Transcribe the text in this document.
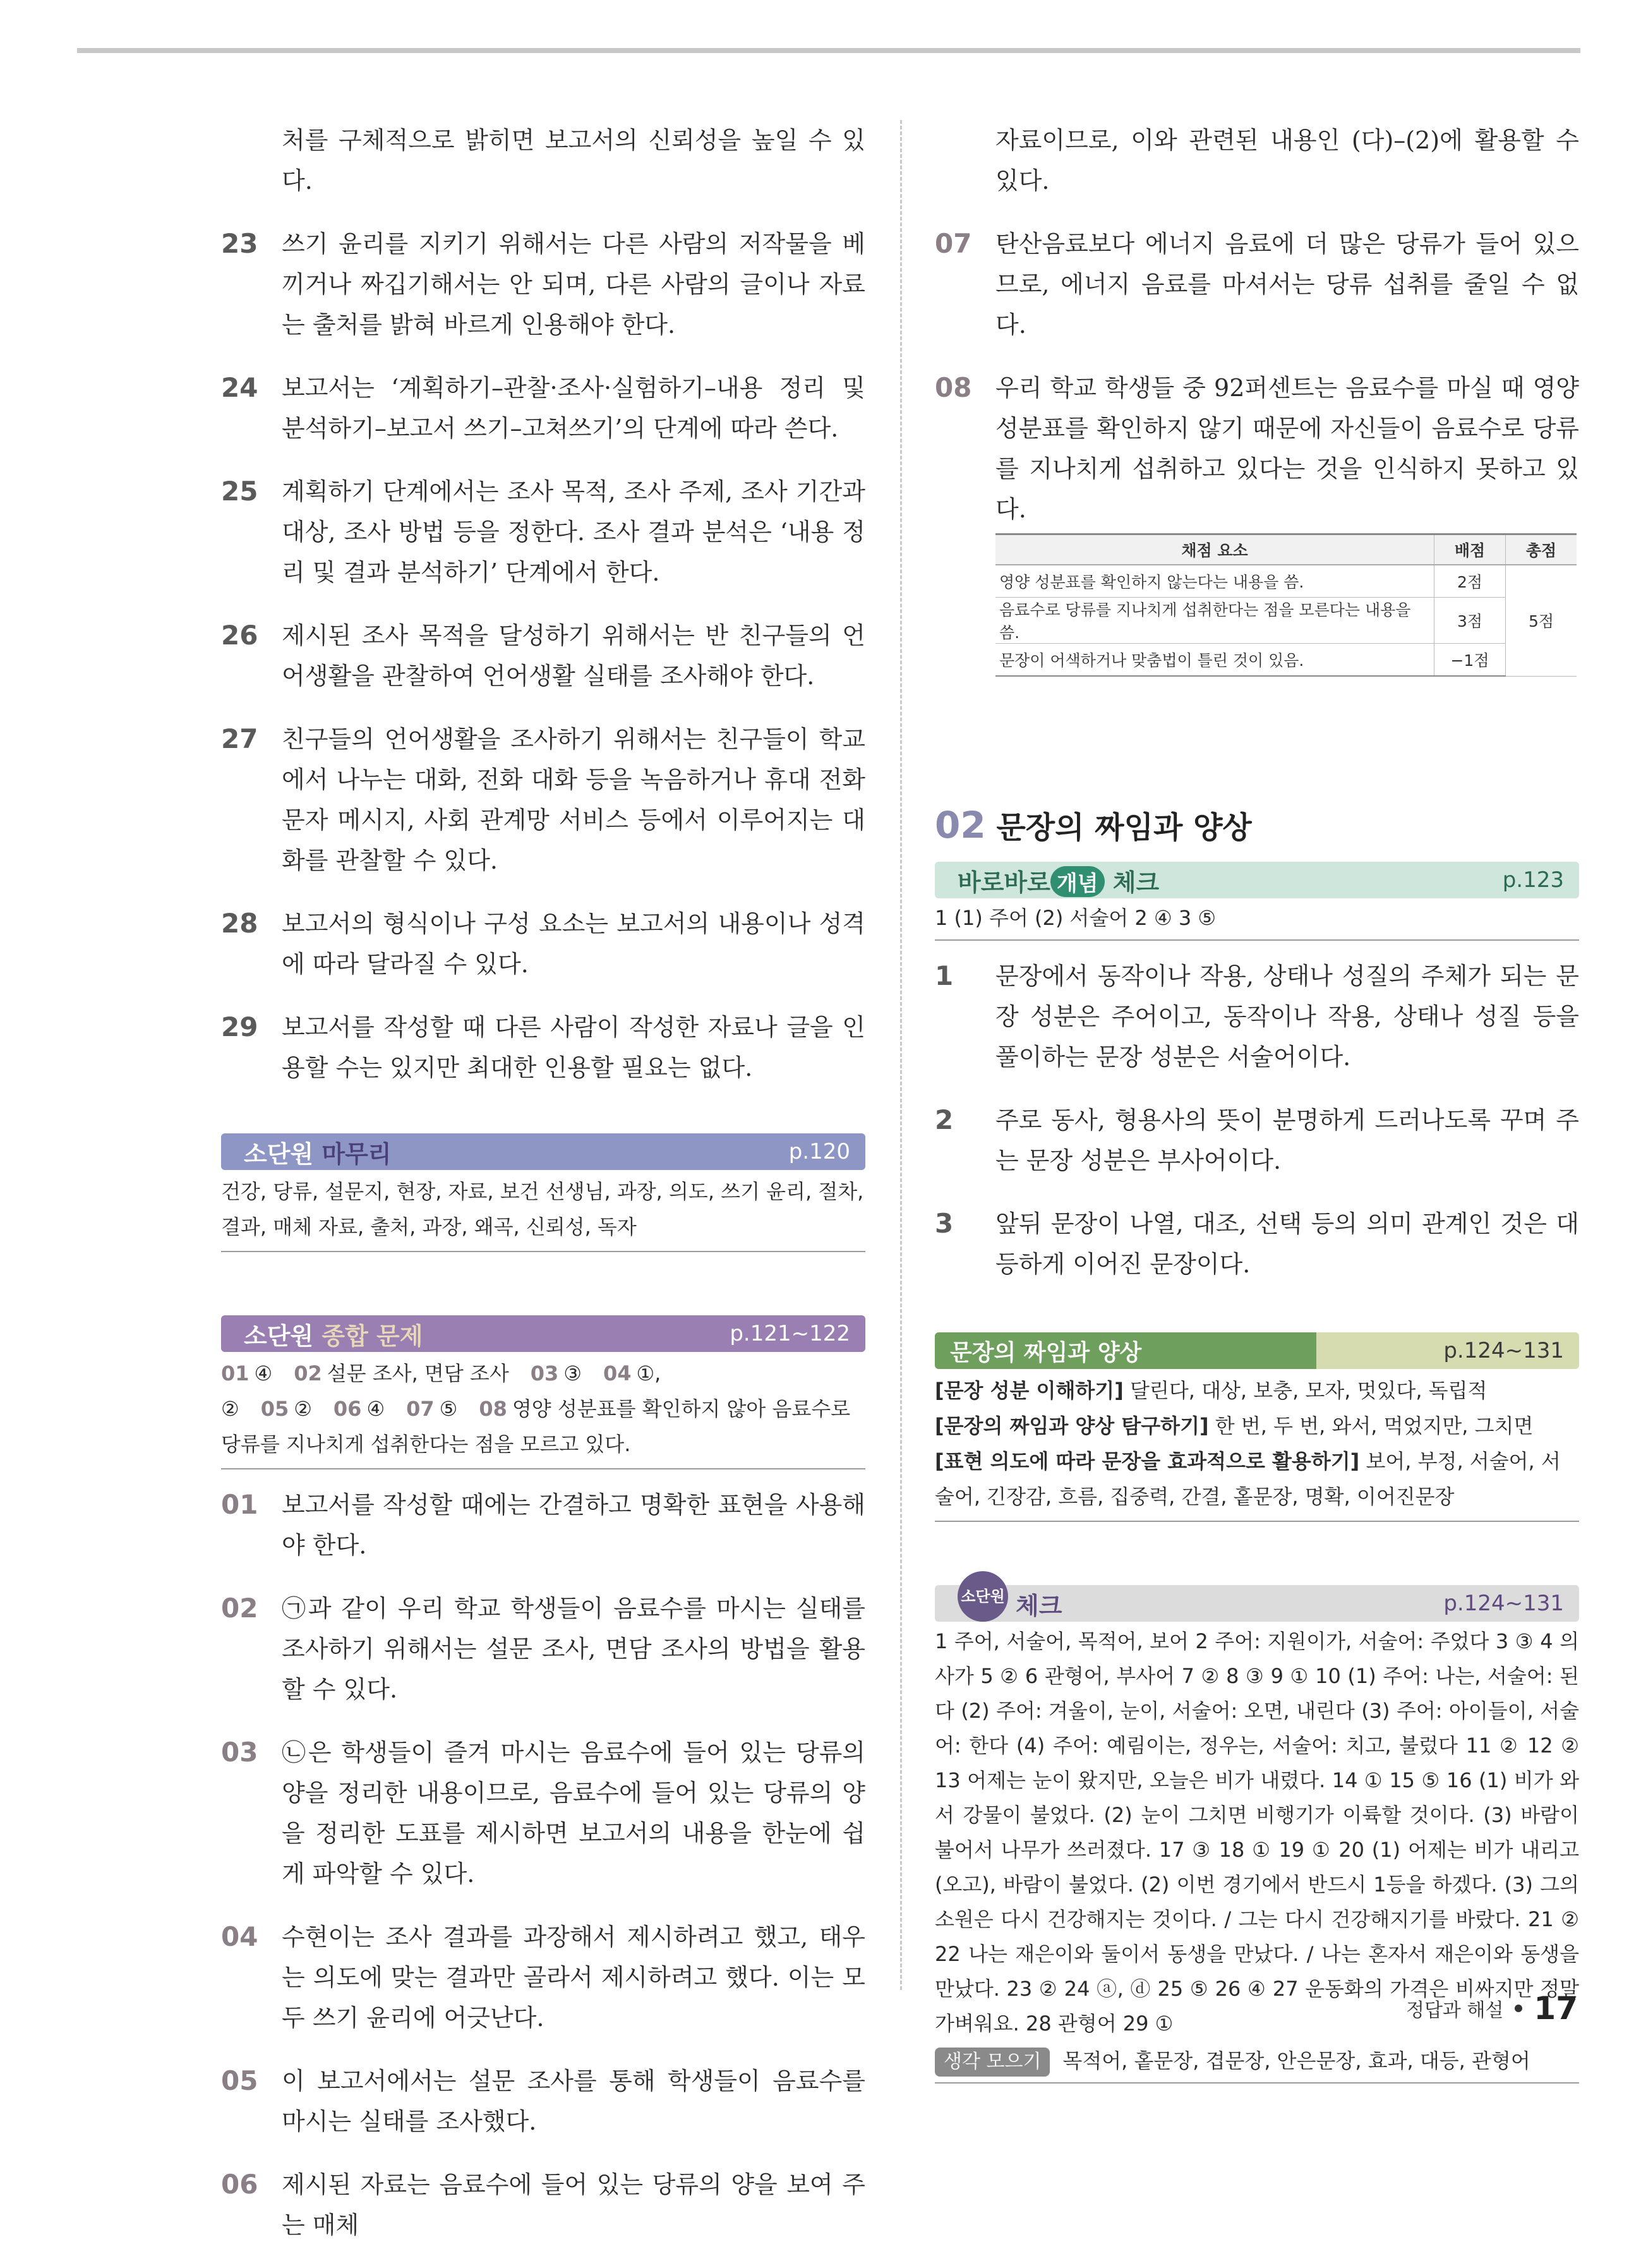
처를 구체적으로 밝히면 보고서의 신뢰성을 높일 수 있다.

23 쓰기 윤리를 지키기 위해서는 다른 사람의 저작물을 베끼거나 짜깁기해서는 안 되며, 다른 사람의 글이나 자료는 출처를 밝혀 바르게 인용해야 한다.
24 보고서는 ‘계획하기–관찰·조사·실험하기–내용 정리 및 분석하기–보고서 쓰기–고쳐쓰기’의 단계에 따라 쓴다.
25 계획하기 단계에서는 조사 목적, 조사 주제, 조사 기간과 대상, 조사 방법 등을 정한다. 조사 결과 분석은 ‘내용 정리 및 결과 분석하기’ 단계에서 한다.
26 제시된 조사 목적을 달성하기 위해서는 반 친구들의 언어생활을 관찰하여 언어생활 실태를 조사해야 한다.
27 친구들의 언어생활을 조사하기 위해서는 친구들이 학교에서 나누는 대화, 전화 대화 등을 녹음하거나 휴대 전화 문자 메시지, 사회 관계망 서비스 등에서 이루어지는 대화를 관찰할 수 있다.
28 보고서의 형식이나 구성 요소는 보고서의 내용이나 성격에 따라 달라질 수 있다.
29 보고서를 작성할 때 다른 사람이 작성한 자료나 글을 인용할 수는 있지만 최대한 인용할 필요는 없다.
소단원 마무리	p.120
건강, 당류, 설문지, 현장, 자료, 보건 선생님, 과장, 의도, 쓰기 윤리, 절차, 결과, 매체 자료, 출처, 과장, 왜곡, 신뢰성, 독자
소단원 종합 문제	p.121~122
01 ④ 02 설문 조사, 면담 조사 03 ③ 04 ①, ② 05 ② 06 ④ 07 ⑤ 08 영양 성분표를 확인하지 않아 음료수로 당류를 지나치게 섭취한다는 점을 모르고 있다.
01 보고서를 작성할 때에는 간결하고 명확한 표현을 사용해야 한다.
02 ㉠과 같이 우리 학교 학생들이 음료수를 마시는 실태를 조사하기 위해서는 설문 조사, 면담 조사의 방법을 활용할 수 있다.
03 ㉡은 학생들이 즐겨 마시는 음료수에 들어 있는 당류의 양을 정리한 내용이므로, 음료수에 들어 있는 당류의 양을 정리한 도표를 제시하면 보고서의 내용을 한눈에 쉽게 파악할 수 있다.
04 수현이는 조사 결과를 과장해서 제시하려고 했고, 태우는 의도에 맞는 결과만 골라서 제시하려고 했다. 이는 모두 쓰기 윤리에 어긋난다.
05 이 보고서에서는 설문 조사를 통해 학생들이 음료수를 마시는 실태를 조사했다.
06 제시된 자료는 음료수에 들어 있는 당류의 양을 보여 주는 매체

자료이므로, 이와 관련된 내용인 (다)–(2)에 활용할 수 있다.

07 탄산음료보다 에너지 음료에 더 많은 당류가 들어 있으므로, 에너지 음료를 마셔서는 당류 섭취를 줄일 수 없다.
08 우리 학교 학생들 중 92퍼센트는 음료수를 마실 때 영양 성분표를 확인하지 않기 때문에 자신들이 음료수로 당류를 지나치게 섭취하고 있다는 것을 인식하지 못하고 있다.
채점 요소	배점	총점
영양 성분표를 확인하지 않는다는 내용을 씀.	2점	5점
음료수로 당류를 지나치게 섭취한다는 점을 모른다는 내용을 씀.	3점	
문장이 어색하거나 맞춤법이 틀린 것이 있음.	−1점	
02 문장의 짜임과 양상
바로바로 개념 체크	p.123
1 (1) 주어 (2) 서술어 2 ④ 3 ⑤
1	문장에서 동작이나 작용, 상태나 성질의 주체가 되는 문장 성분은 주어이고, 동작이나 작용, 상태나 성질 등을 풀이하는 문장 성분은 서술어이다.
2	주로 동사, 형용사의 뜻이 분명하게 드러나도록 꾸며 주는 문장 성분은 부사어이다.
3	앞뒤 문장이 나열, 대조, 선택 등의 의미 관계인 것은 대등하게 이어진 문장이다.
문장의 짜임과 양상	p.124~131
[문장 성분 이해하기] 달린다, 대상, 보충, 모자, 멋있다, 독립적
[문장의 짜임과 양상 탐구하기] 한 번, 두 번, 와서, 먹었지만, 그치면
[표현 의도에 따라 문장을 효과적으로 활용하기] 보어, 부정, 서술어, 서술어, 긴장감, 흐름, 집중력, 간결, 홑문장, 명확, 이어진문장
소단원 체크	p.124~131
1 주어, 서술어, 목적어, 보어 2 주어: 지원이가, 서술어: 주었다 3 ③ 4 의사가 5 ② 6 관형어, 부사어 7 ② 8 ③ 9 ① 10 (1) 주어: 나는, 서술어: 된다 (2) 주어: 겨울이, 눈이, 서술어: 오면, 내린다 (3) 주어: 아이들이, 서술어: 한다 (4) 주어: 예림이는, 정우는, 서술어: 치고, 불렀다 11 ② 12 ② 13 어제는 눈이 왔지만, 오늘은 비가 내렸다. 14 ① 15 ⑤ 16 (1) 비가 와서 강물이 불었다. (2) 눈이 그치면 비행기가 이륙할 것이다. (3) 바람이 불어서 나무가 쓰러졌다. 17 ③ 18 ① 19 ① 20 (1) 어제는 비가 내리고(오고), 바람이 불었다. (2) 이번 경기에서 반드시 1등을 하겠다. (3) 그의 소원은 다시 건강해지는 것이다. / 그는 다시 건강해지기를 바랐다. 21 ② 22 나는 재은이와 둘이서 동생을 만났다. / 나는 혼자서 재은이와 동생을 만났다. 23 ② 24 ⓐ, ⓓ 25 ⑤ 26 ④ 27 운동화의 가격은 비싸지만 정말 가벼워요. 28 관형어 29 ①
생각 모으기 목적어, 홑문장, 겹문장, 안은문장, 효과, 대등, 관형어
정답과 해설 17
